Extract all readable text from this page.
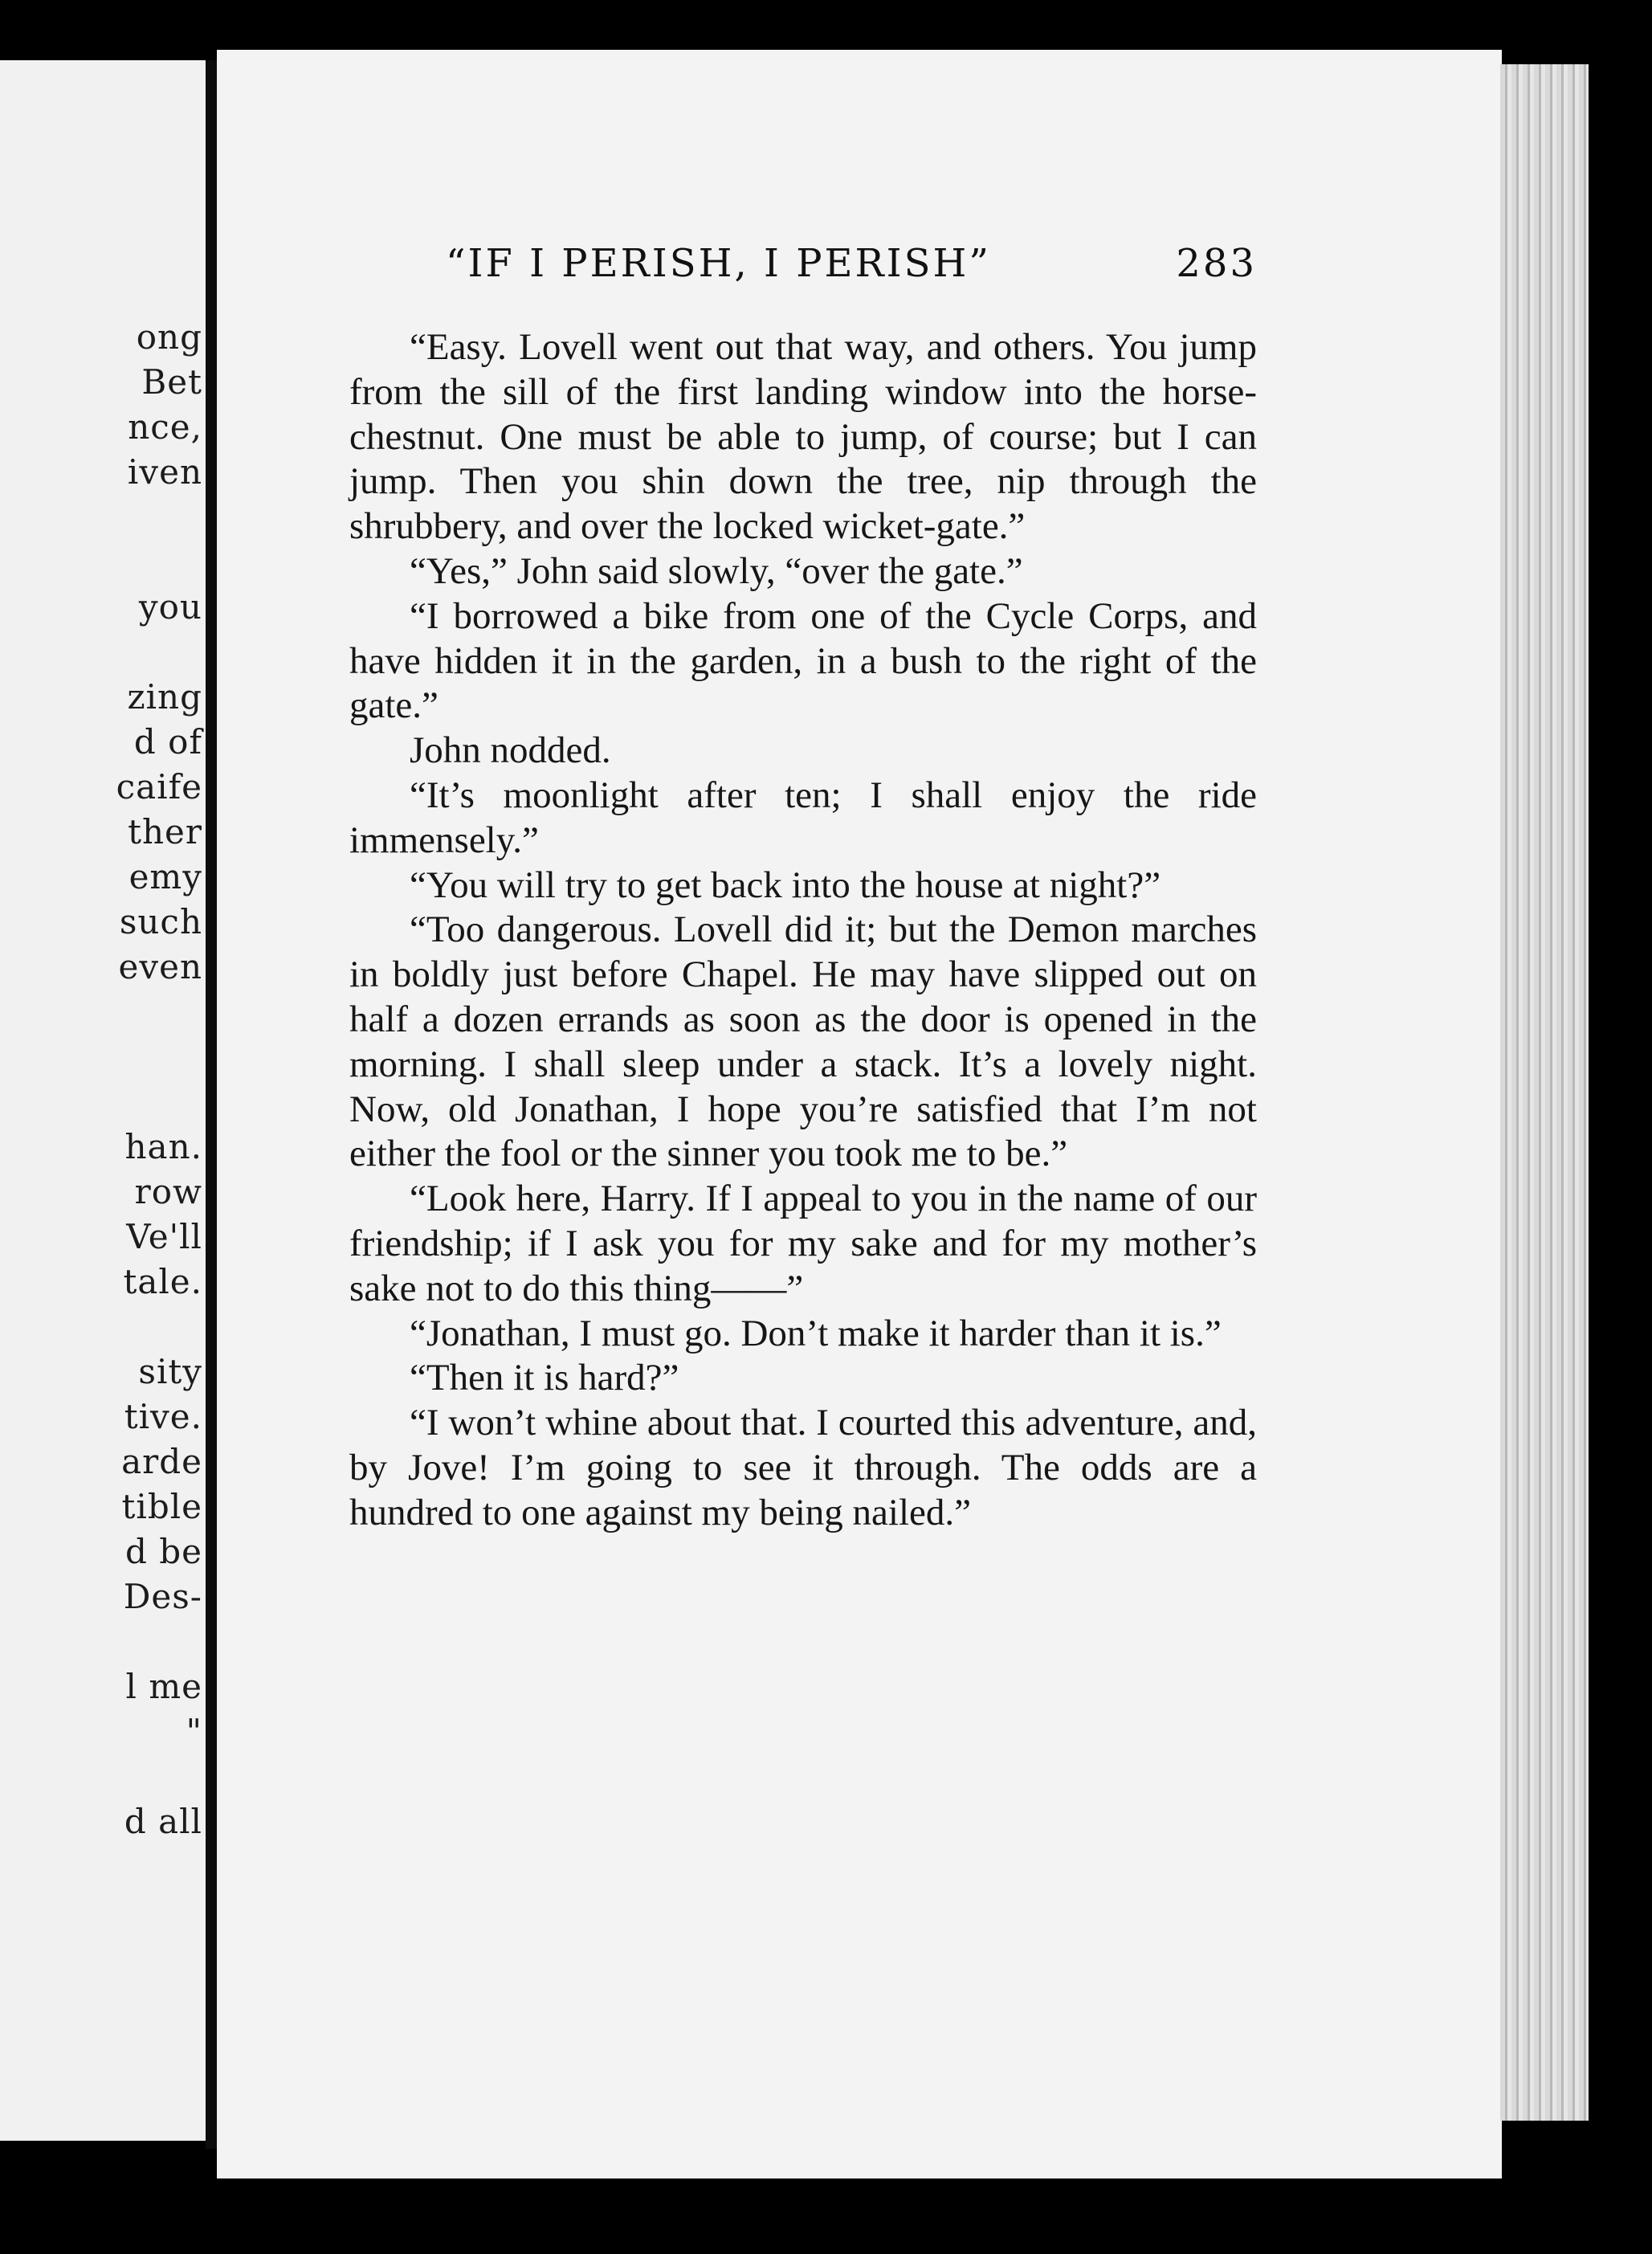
ong
Bet
nce,
iven
you
zing
d of
caife
ther
emy
such
even
han.
row
Ve'll
tale.
sity
tive.
arde
tible
d be
Des-
l me
"
d all
“IF I PERISH, I PERISH”	283

“Easy. Lovell went out that way, and others. You jump from the sill of the first landing window into the horse-chestnut. One must be able to jump, of course; but I can jump. Then you shin down the tree, nip through the shrubbery, and over the locked wicket-gate.”

“Yes,” John said slowly, “over the gate.”

“I borrowed a bike from one of the Cycle Corps, and have hidden it in the garden, in a bush to the right of the gate.”

John nodded.

“It’s moonlight after ten; I shall enjoy the ride immensely.”

“You will try to get back into the house at night?”

“Too dangerous. Lovell did it; but the Demon marches in boldly just before Chapel. He may have slipped out on half a dozen errands as soon as the door is opened in the morning. I shall sleep under a stack. It’s a lovely night. Now, old Jonathan, I hope you’re satisfied that I’m not either the fool or the sinner you took me to be.”

“Look here, Harry. If I appeal to you in the name of our friendship; if I ask you for my sake and for my mother’s sake not to do this thing——”

“Jonathan, I must go. Don’t make it harder than it is.”

“Then it is hard?”

“I won’t whine about that. I courted this adventure, and, by Jove! I’m going to see it through. The odds are a hundred to one against my being nailed.”
